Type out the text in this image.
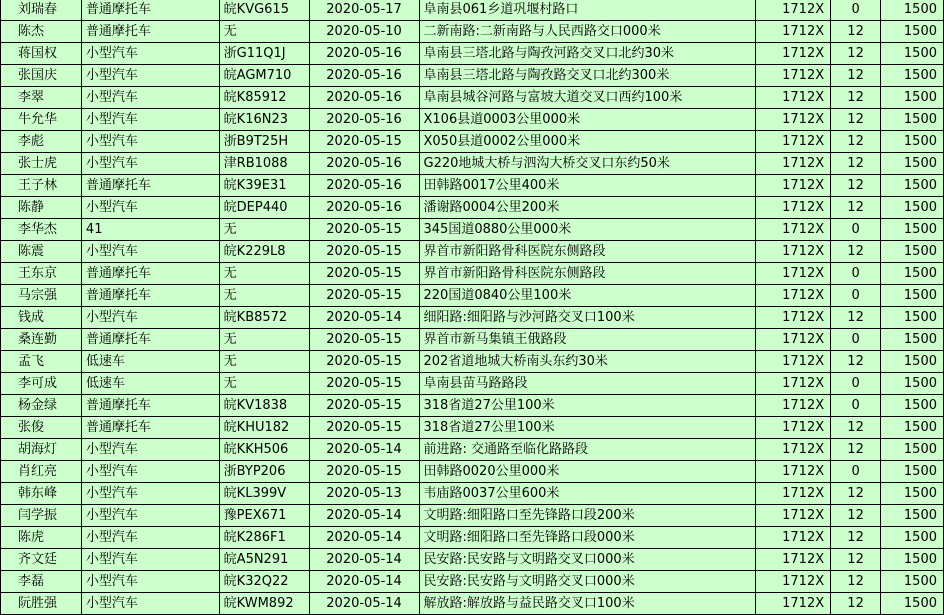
刘瑞春	普通摩托车	皖KVG615	2020-05-17	阜南县061乡道巩堰村路口	1712X	0	1500
陈杰	普通摩托车	无	2020-05-10	二新南路:二新南路与人民西路交口000米	1712X	12	1500
蒋国权	小型汽车	浙G11Q1J	2020-05-16	阜南县三塔北路与陶孜河路交叉口北约30米	1712X	12	1500
张国庆	小型汽车	皖AGM710	2020-05-16	阜南县三塔北路与陶孜路交叉口北约300米	1712X	12	1500
李翠	小型汽车	皖K85912	2020-05-16	阜南县城谷河路与富坡大道交叉口西约100米	1712X	12	1500
牛允华	小型汽车	皖K16N23	2020-05-16	X106县道0003公里000米	1712X	12	1500
李彪	小型汽车	浙B9T25H	2020-05-15	X050县道0002公里000米	1712X	12	1500
张士虎	小型汽车	津RB1088	2020-05-16	G220地城大桥与泗沟大桥交叉口东约50米	1712X	12	1500
王子林	普通摩托车	皖K39E31	2020-05-16	田韩路0017公里400米	1712X	12	1500
陈静	小型汽车	皖DEP440	2020-05-16	潘谢路0004公里200米	1712X	12	1500
李华杰	41	无	2020-05-15	345国道0880公里000米	1712X	0	1500
陈震	小型汽车	皖K229L8	2020-05-15	界首市新阳路骨科医院东侧路段	1712X	12	1500
王东京	普通摩托车	无	2020-05-15	界首市新阳路骨科医院东侧路段	1712X	0	1500
马宗强	普通摩托车	无	2020-05-15	220国道0840公里100米	1712X	0	1500
钱成	小型汽车	皖KB8572	2020-05-14	细阳路:细阳路与沙河路交叉口100米	1712X	12	1500
桑连勤	普通摩托车	无	2020-05-15	界首市新马集镇王俄路段	1712X	0	1500
孟飞	低速车	无	2020-05-15	202省道地城大桥南头东约30米	1712X	12	1500
李可成	低速车	无	2020-05-15	阜南县苗马路路段	1712X	0	1500
杨金绿	普通摩托车	皖KV1838	2020-05-15	318省道27公里100米	1712X	0	1500
张俊	普通摩托车	皖KHU182	2020-05-15	318省道27公里100米	1712X	12	1500
胡海灯	小型汽车	皖KKH506	2020-05-14	前进路: 交通路至临化路路段	1712X	12	1500
肖红亮	小型汽车	浙BYP206	2020-05-15	田韩路0020公里000米	1712X	0	1500
韩东峰	小型汽车	皖KL399V	2020-05-13	韦庙路0037公里600米	1712X	12	1500
闫学振	小型汽车	豫PEX671	2020-05-14	文明路:细阳路口至先锋路口段200米	1712X	12	1500
陈虎	小型汽车	皖K286F1	2020-05-14	文明路:细阳路口至先锋路口段000米	1712X	12	1500
齐文廷	小型汽车	皖A5N291	2020-05-14	民安路:民安路与文明路交叉口000米	1712X	12	1500
李磊	小型汽车	皖K32Q22	2020-05-14	民安路:民安路与文明路交叉口000米	1712X	12	1500
阮胜强	小型汽车	皖KWM892	2020-05-14	解放路:解放路与益民路交叉口100米	1712X	12	1500
